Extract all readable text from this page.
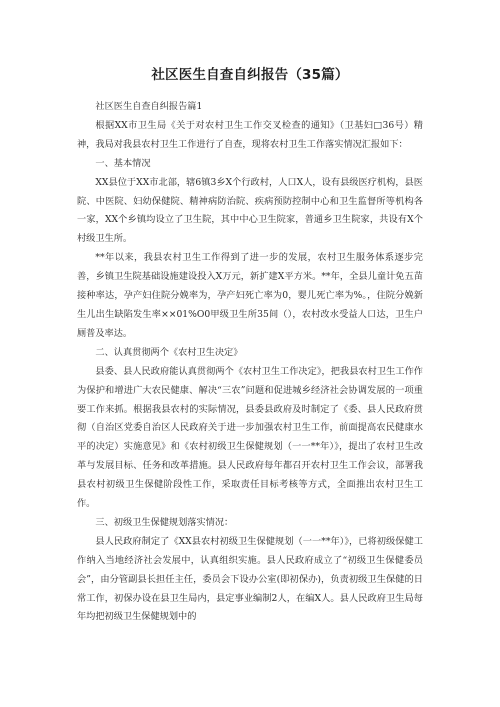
社区医生自查自纠报告（35篇）

社区医生自查自纠报告篇1

根据XX市卫生局《关于对农村卫生工作交叉检查的通知》（卫基妇□36号）精神，我局对我县农村卫生工作进行了自查，现将农村卫生工作落实情况汇报如下：

一、基本情况

XX县位于XX市北部，辖6镇3乡X个行政村，人口X人，设有县级医疗机构，县医院、中医院、妇幼保健院、精神病防治院、疾病预防控制中心和卫生监督所等机构各一家，XX个乡镇均设立了卫生院，其中中心卫生院家，普通乡卫生院家，共设有X个村级卫生所。

**年以来，我县农村卫生工作得到了进一步的发展，农村卫生服务体系逐步完善，乡镇卫生院基础设施建设投入X万元，新扩建X平方米。**年，全县儿童计免五苗接种率达，孕产妇住院分娩率为，孕产妇死亡率为0，婴儿死亡率为%。，住院分娩新生儿出生缺陷发生率××01%O0甲级卫生所35间（），农村改水受益人口达，卫生户厕普及率达。

二、认真贯彻两个《农村卫生决定》

县委、县人民政府能认真贯彻两个《农村卫生工作决定》，把我县农村卫生工作作为保护和增进广大农民健康、解决“三农”问题和促进城乡经济社会协调发展的一项重要工作来抓。根据我县农村的实际情况，县委县政府及时制定了《委、县人民政府贯彻（自治区党委自治区人民政府关于进一步加强农村卫生工作，前面提高农民健康水平的决定）实施意见》和《农村初级卫生保健规划（一一**年）》，提出了农村卫生改革与发展目标、任务和改革措施。县人民政府每年都召开农村卫生工作会议，部署我县农村初级卫生保健阶段性工作，采取责任目标考核等方式，全面推出农村卫生工作。

三、初级卫生保健规划落实情况：

县人民政府制定了《XX县农村初级卫生保健规划（一一**年）》，已将初级保健工作纳入当地经济社会发展中，认真组织实施。县人民政府成立了“初级卫生保健委员会”，由分管副县长担任主任，委员会下设办公室(即初保办)，负责初级卫生保健的日常工作，初保办设在县卫生局内，县定事业编制2人，在编X人。县人民政府卫生局每年均把初级卫生保健规划中的
